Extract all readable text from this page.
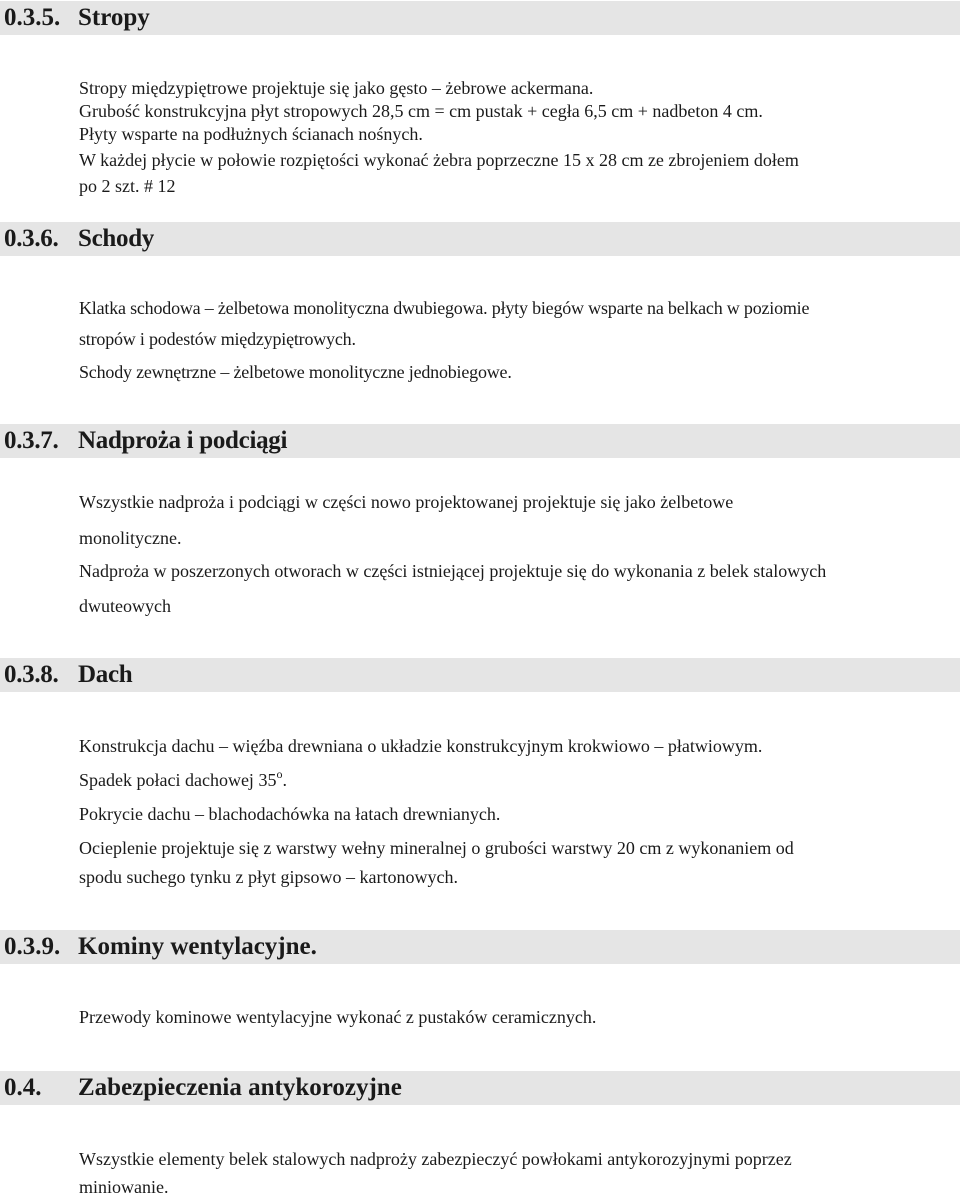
0.3.5. Stropy

Stropy międzypiętrowe projektuje się jako gęsto – żebrowe ackermana.

Grubość konstrukcyjna płyt stropowych 28,5 cm = cm pustak + cegła 6,5 cm + nadbeton 4 cm.

Płyty wsparte na podłużnych ścianach nośnych.

W każdej płycie w połowie rozpiętości wykonać żebra poprzeczne 15 x 28 cm ze zbrojeniem dołem

po 2 szt. # 12

0.3.6. Schody

Klatka schodowa – żelbetowa monolityczna dwubiegowa. płyty biegów wsparte na belkach w poziomie

stropów i podestów międzypiętrowych.

Schody zewnętrzne – żelbetowe monolityczne jednobiegowe.

0.3.7. Nadproża i podciągi

Wszystkie nadproża i podciągi w części nowo projektowanej projektuje się jako żelbetowe

monolityczne.

Nadproża w poszerzonych otworach w części istniejącej projektuje się do wykonania z belek stalowych

dwuteowych

0.3.8. Dach

Konstrukcja dachu – więźba drewniana o układzie konstrukcyjnym krokwiowo – płatwiowym.

Spadek połaci dachowej 35$^o$.

Pokrycie dachu – blachodachówka na łatach drewnianych.

Ocieplenie projektuje się z warstwy wełny mineralnej o grubości warstwy 20 cm z wykonaniem od

spodu suchego tynku z płyt gipsowo – kartonowych.

0.3.9. Kominy wentylacyjne.

Przewody kominowe wentylacyjne wykonać z pustaków ceramicznych.

0.4. Zabezpieczenia antykorozyjne

Wszystkie elementy belek stalowych nadproży zabezpieczyć powłokami antykorozyjnymi poprzez

miniowanie.
